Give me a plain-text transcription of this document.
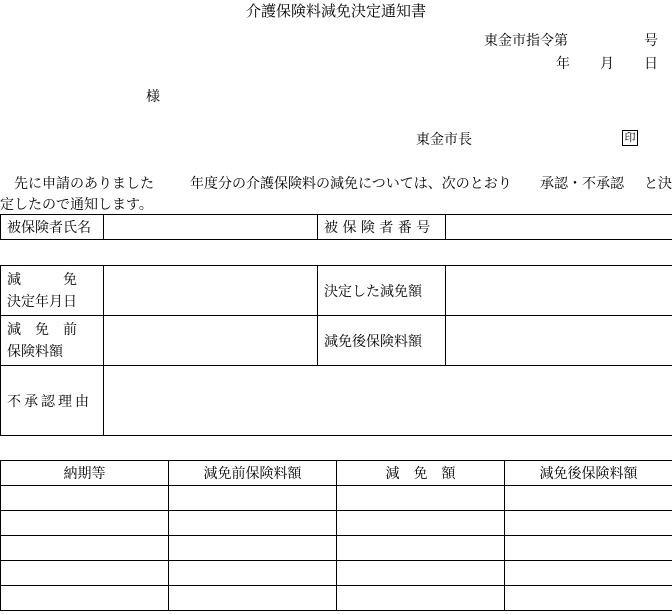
介護保険料減免決定通知書
東金市指令第	号
年 月 日
様
東金市長	印
先に申請のありました	年度分の介護保険料の減免については、次のとおり 承認・不承認 と決
定したので通知します。
被保険者氏名		被 保 険 者 番 号	
減　　　免
決定年月日		決定した減免額	

減　免　前
保険料額		減免後保険料額	
不承認理由			
納期等	減免前保険料額	減　免　額	減免後保険料額
